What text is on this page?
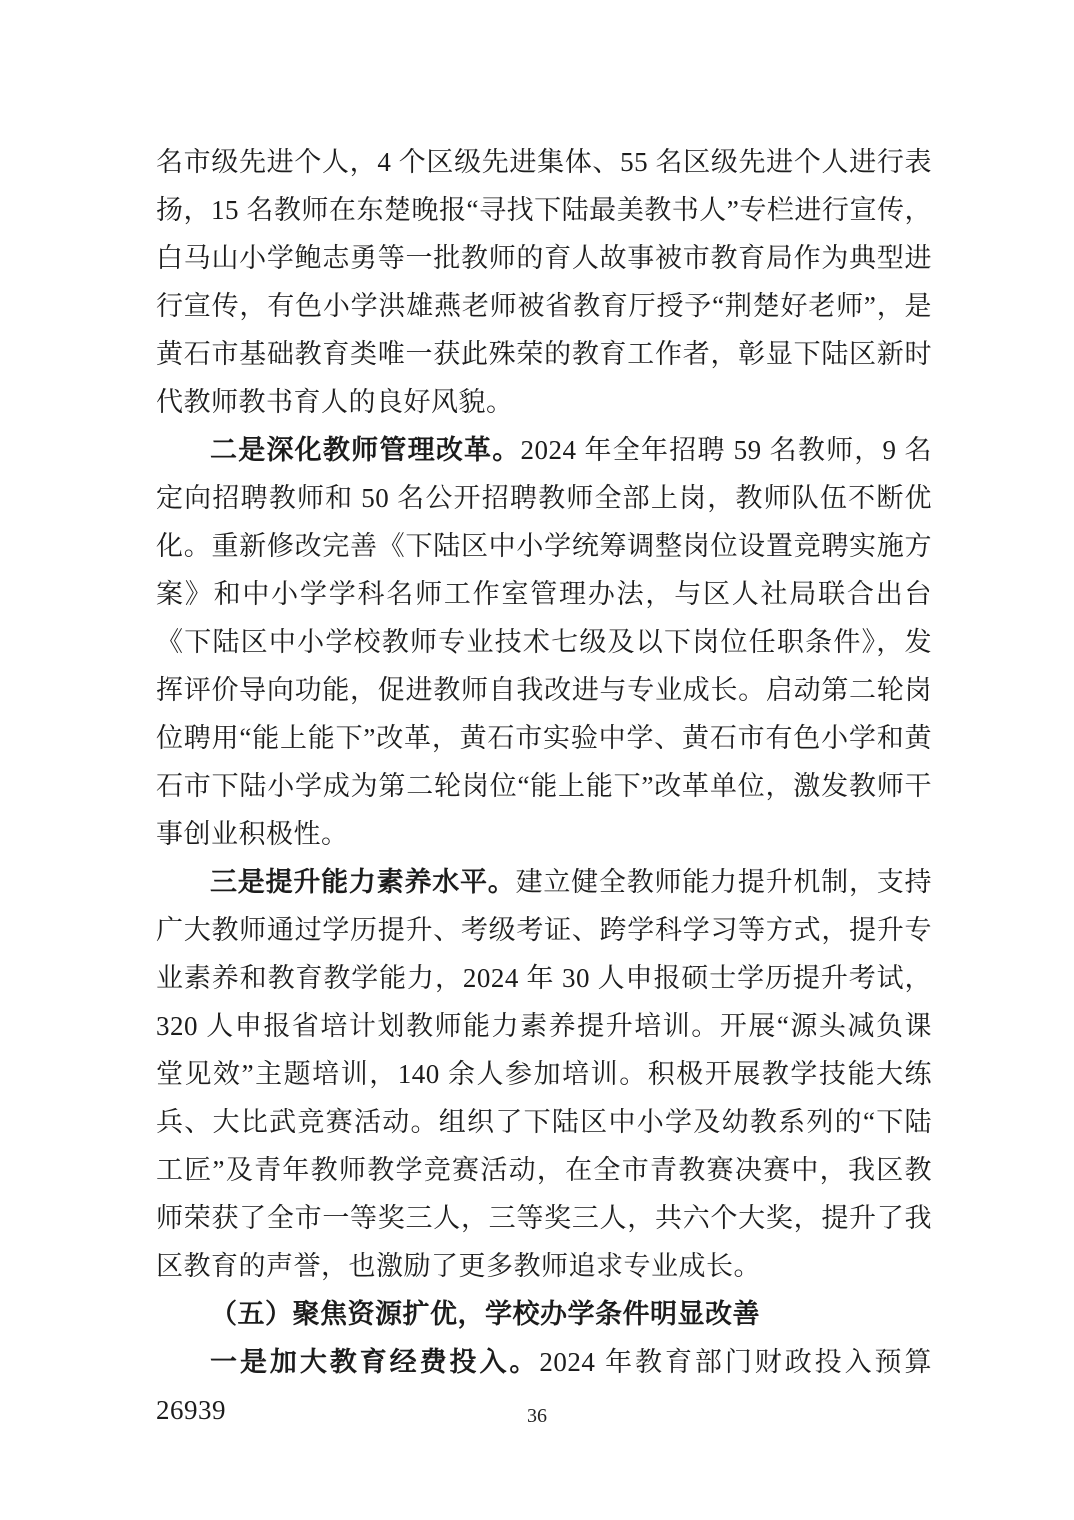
名市级先进个人，4 个区级先进集体、55 名区级先进个人进行表扬，15 名教师在东楚晚报“寻找下陆最美教书人”专栏进行宣传，白马山小学鲍志勇等一批教师的育人故事被市教育局作为典型进行宣传，有色小学洪雄燕老师被省教育厅授予“荆楚好老师”，是黄石市基础教育类唯一获此殊荣的教育工作者，彰显下陆区新时代教师教书育人的良好风貌。

二是深化教师管理改革。2024 年全年招聘 59 名教师，9 名定向招聘教师和 50 名公开招聘教师全部上岗，教师队伍不断优化。重新修改完善《下陆区中小学统筹调整岗位设置竞聘实施方案》和中小学学科名师工作室管理办法，与区人社局联合出台《下陆区中小学校教师专业技术七级及以下岗位任职条件》，发挥评价导向功能，促进教师自我改进与专业成长。启动第二轮岗位聘用“能上能下”改革，黄石市实验中学、黄石市有色小学和黄石市下陆小学成为第二轮岗位“能上能下”改革单位，激发教师干事创业积极性。

三是提升能力素养水平。建立健全教师能力提升机制，支持广大教师通过学历提升、考级考证、跨学科学习等方式，提升专业素养和教育教学能力，2024 年 30 人申报硕士学历提升考试，320 人申报省培计划教师能力素养提升培训。开展“源头减负课堂见效”主题培训，140 余人参加培训。积极开展教学技能大练兵、大比武竞赛活动。组织了下陆区中小学及幼教系列的“下陆工匠”及青年教师教学竞赛活动，在全市青教赛决赛中，我区教师荣获了全市一等奖三人，三等奖三人，共六个大奖，提升了我区教育的声誉，也激励了更多教师追求专业成长。

（五）聚焦资源扩优，学校办学条件明显改善

一是加大教育经费投入。2024 年教育部门财政投入预算 26939	36
